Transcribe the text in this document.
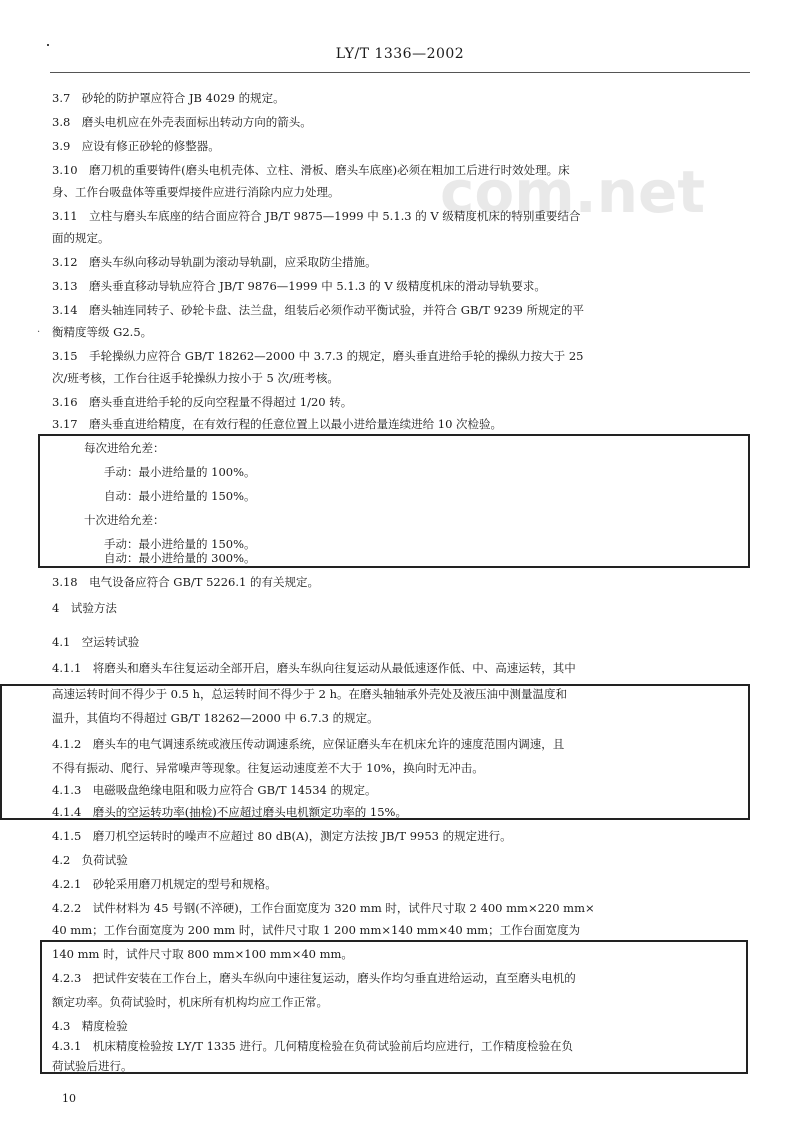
com.net
LY/T 1336—2002
·
3.7　砂轮的防护罩应符合 JB 4029 的规定。
3.8　磨头电机应在外壳表面标出转动方向的箭头。
3.9　应设有修正砂轮的修整器。
3.10　磨刀机的重要铸件(磨头电机壳体、立柱、滑板、磨头车底座)必须在粗加工后进行时效处理。床
身、工作台吸盘体等重要焊接件应进行消除内应力处理。
3.11　立柱与磨头车底座的结合面应符合 JB/T 9875—1999 中 5.1.3 的 V 级精度机床的特别重要结合
面的规定。
3.12　磨头车纵向移动导轨副为滚动导轨副，应采取防尘措施。
3.13　磨头垂直移动导轨应符合 JB/T 9876—1999 中 5.1.3 的 V 级精度机床的滑动导轨要求。
3.14　磨头轴连同转子、砂轮卡盘、法兰盘，组装后必须作动平衡试验，并符合 GB/T 9239 所规定的平
衡精度等级 G2.5。
3.15　手轮操纵力应符合 GB/T 18262—2000 中 3.7.3 的规定，磨头垂直进给手轮的操纵力按大于 25
次/班考核，工作台往返手轮操纵力按小于 5 次/班考核。
3.16　磨头垂直进给手轮的反向空程量不得超过 1/20 转。
3.17　磨头垂直进给精度，在有效行程的任意位置上以最小进给量连续进给 10 次检验。
每次进给允差：
手动：最小进给量的 100%。
自动：最小进给量的 150%。
十次进给允差：
手动：最小进给量的 150%。
自动：最小进给量的 300%。
3.18　电气设备应符合 GB/T 5226.1 的有关规定。
4　试验方法
4.1　空运转试验
4.1.1　将磨头和磨头车往复运动全部开启，磨头车纵向往复运动从最低速逐作低、中、高速运转，其中
高速运转时间不得少于 0.5 h，总运转时间不得少于 2 h。在磨头轴轴承外壳处及液压油中测量温度和
温升，其值均不得超过 GB/T 18262—2000 中 6.7.3 的规定。
4.1.2　磨头车的电气调速系统或液压传动调速系统，应保证磨头车在机床允许的速度范围内调速，且
不得有振动、爬行、异常噪声等现象。往复运动速度差不大于 10%，换向时无冲击。
4.1.3　电磁吸盘绝缘电阻和吸力应符合 GB/T 14534 的规定。
4.1.4　磨头的空运转功率(抽检)不应超过磨头电机额定功率的 15%。
4.1.5　磨刀机空运转时的噪声不应超过 80 dB(A)，测定方法按 JB/T 9953 的规定进行。
4.2　负荷试验
4.2.1　砂轮采用磨刀机规定的型号和规格。
4.2.2　试件材料为 45 号钢(不淬硬)，工作台面宽度为 320 mm 时，试件尺寸取 2 400 mm×220 mm×
40 mm；工作台面宽度为 200 mm 时，试件尺寸取 1 200 mm×140 mm×40 mm；工作台面宽度为
140 mm 时，试件尺寸取 800 mm×100 mm×40 mm。
4.2.3　把试件安装在工作台上，磨头车纵向中速往复运动，磨头作均匀垂直进给运动，直至磨头电机的
额定功率。负荷试验时，机床所有机构均应工作正常。
4.3　精度检验
4.3.1　机床精度检验按 LY/T 1335 进行。几何精度检验在负荷试验前后均应进行，工作精度检验在负
荷试验后进行。
10
